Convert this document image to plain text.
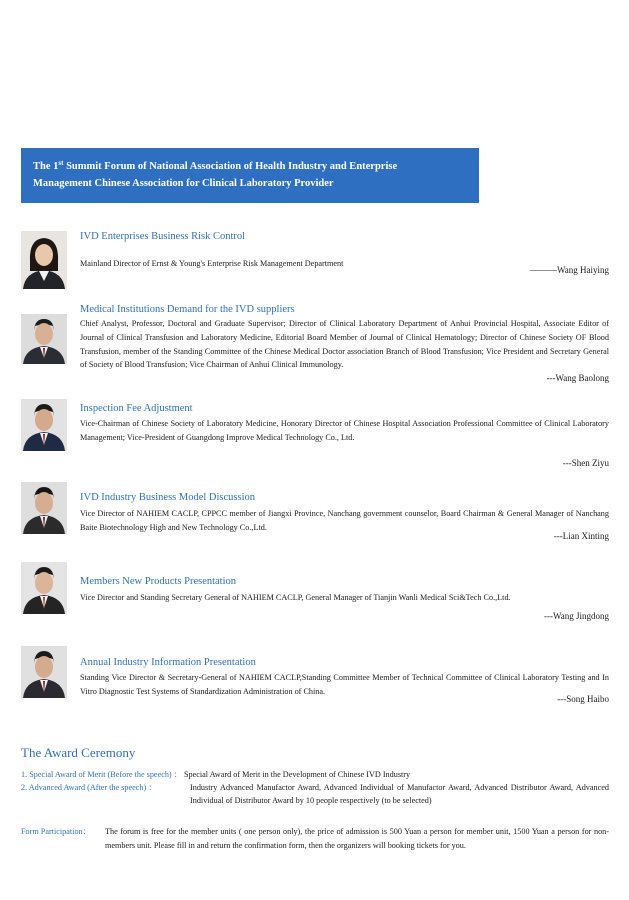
The 1st Summit Forum of National Association of Health Industry and Enterprise
Management Chinese Association for Clinical Laboratory Provider
IVD Enterprises Business Risk Control

Mainland Director of Ernst & Young's Enterprise Risk Management Department

———Wang Haiying
Medical Institutions Demand for the IVD suppliers

Chief Analyst, Professor, Doctoral and Graduate Supervisor; Director of Clinical Laboratory Department of Anhui Provincial Hospital, Associate Editor of Journal of Clinical Transfusion and Laboratory Medicine, Editorial Board Member of Journal of Clinical Hematology; Director of Chinese Society OF Blood Transfusion, member of the Standing Committee of the Chinese Medical Doctor association Branch of Blood Transfusion; Vice President and Secretary General of Society of Blood Transfusion; Vice Chairman of Anhui Clinical Immunology.

---Wang Baolong
Inspection Fee Adjustment

Vice-Chairman of Chinese Society of Laboratory Medicine, Honorary Director of Chinese Hospital Association Professional Committee of Clinical Laboratory Management; Vice-President of Guangdong Improve Medical Technology Co., Ltd.

---Shen Ziyu
IVD Industry Business Model Discussion

Vice Director of NAHIEM CACLP, CPPCC member of Jiangxi Province, Nanchang government counselor, Board Chairman & General Manager of Nanchang Baite Biotechnology High and New Technology Co.,Ltd.

---Lian Xinting
Members New Products Presentation

Vice Director and Standing Secretary General of NAHIEM CACLP, General Manager of Tianjin Wanli Medical Sci&Tech Co.,Ltd.

---Wang Jingdong
Annual Industry Information Presentation

Standing Vice Director & Secretary-General of NAHIEM CACLP,Standing Committee Member of Technical Committee of Clinical Laboratory Testing and In Vitro Diagnostic Test Systems of Standardization Administration of China.

---Song Haibo
The Award Ceremony
1. Special Award of Merit (Before the speech) ： Special Award of Merit in the Development of Chinese IVD Industry
2. Advanced Award (After the speech) ：	Industry Advanced Manufactor Award, Advanced Individual of Manufactor Award, Advanced Distributor Award, Advanced Individual of Distributor Award by 10 people respectively (to be selected)
Form Participation： The forum is free for the member units ( one person only), the price of admission is 500 Yuan a person for member unit, 1500 Yuan a person for non-members unit. Please fill in and return the confirmation form, then the organizers will booking tickets for you.
